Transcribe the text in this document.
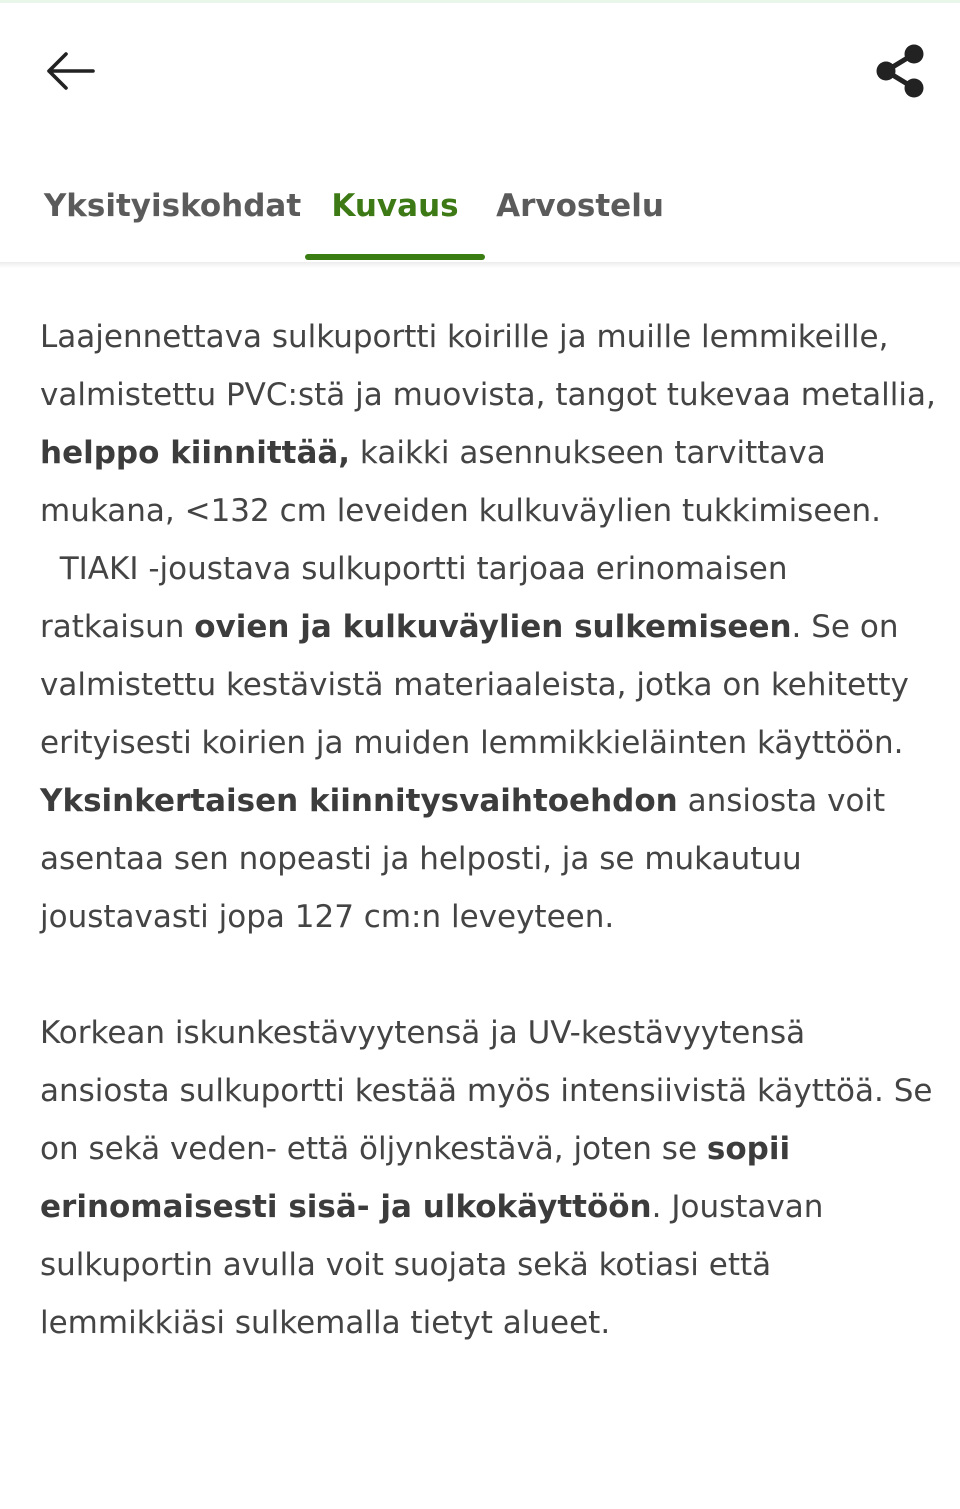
Yksityiskohdat Kuvaus	Arvostelu

Laajennettava sulkuportti koirille ja muille lemmikeille, valmistettu PVC:stä ja muovista, tangot tukevaa metallia, helppo kiinnittää, kaikki asennukseen tarvittava mukana, <132 cm leveiden kulkuväylien tukkimiseen.

TIAKI -joustava sulkuportti tarjoaa erinomaisen ratkaisun ovien ja kulkuväylien sulkemiseen. Se on valmistettu kestävistä materiaaleista, jotka on kehitetty erityisesti koirien ja muiden lemmikkieläinten käyttöön. Yksinkertaisen kiinnitysvaihtoehdon ansiosta voit asentaa sen nopeasti ja helposti, ja se mukautuu joustavasti jopa 127 cm:n leveyteen.

Korkean iskunkestävyytensä ja UV-kestävyytensä ansiosta sulkuportti kestää myös intensiivistä käyttöä. Se on sekä veden- että öljynkestävä, joten se sopii erinomaisesti sisä- ja ulkokäyttöön. Joustavan sulkuportin avulla voit suojata sekä kotiasi että lemmikkiäsi sulkemalla tietyt alueet.
